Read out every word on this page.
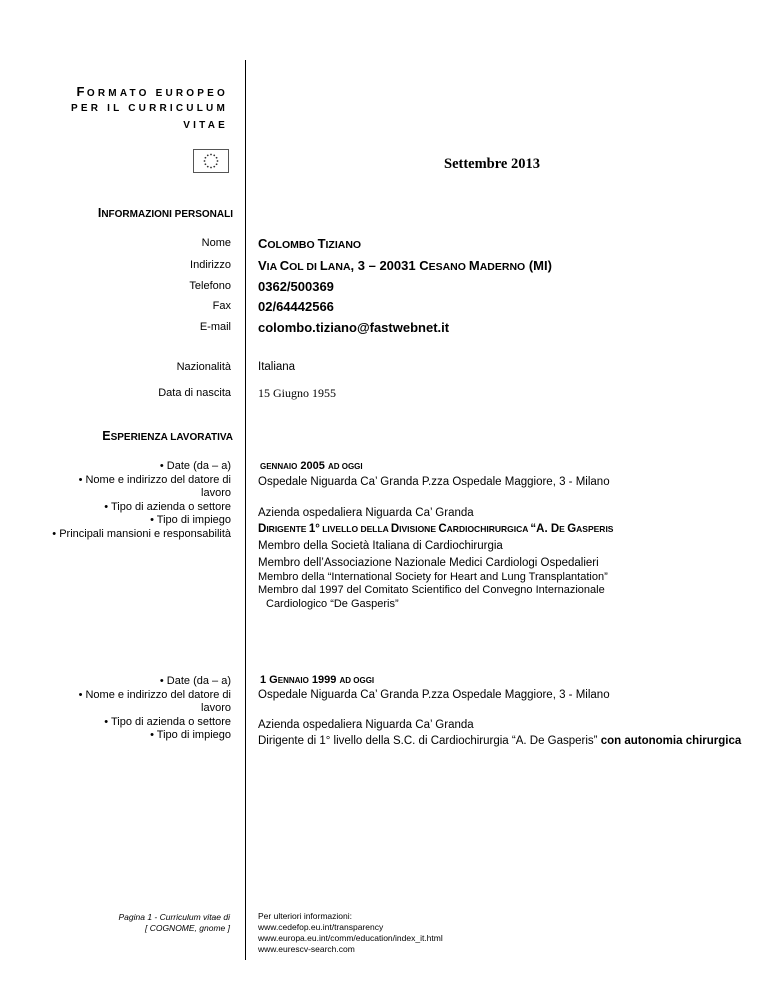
FORMATO EUROPEO
PER IL CURRICULUM
VITAE
Settembre 2013
INFORMAZIONI PERSONALI
Nome COLOMBO TIZIANO
Indirizzo VIA COL DI LANA, 3 – 20031 CESANO MADERNO (MI)
Telefono 0362/500369
Fax 02/64442566
E-mail colombo.tiziano@fastwebnet.it
Nazionalità Italiana
Data di nascita 15 Giugno 1955
ESPERIENZA LAVORATIVA
• Date (da – a)
• Nome e indirizzo del datore di lavoro
• Tipo di azienda o settore
• Tipo di impiego
• Principali mansioni e responsabilità
GENNAIO 2005 AD OGGI
Ospedale Niguarda Ca’ Granda P.zza Ospedale Maggiore, 3 - Milano
Azienda ospedaliera Niguarda Ca’ Granda
DIRIGENTE 1° LIVELLO DELLA DIVISIONE CARDIOCHIRURGICA “A. DE GASPERIS
Membro della Società Italiana di Cardiochirurgia
Membro dell’Associazione Nazionale Medici Cardiologi Ospedalieri
Membro della “International Society for Heart and Lung Transplantation”
Membro dal 1997 del Comitato Scientifico del Convegno Internazionale
Cardiologico “De Gasperis”
• Date (da – a)
• Nome e indirizzo del datore di lavoro
• Tipo di azienda o settore
• Tipo di impiego
1 GENNAIO 1999 AD OGGI
Ospedale Niguarda Ca’ Granda P.zza Ospedale Maggiore, 3 - Milano
Azienda ospedaliera Niguarda Ca’ Granda
Dirigente di 1° livello della S.C. di Cardiochirurgia “A. De Gasperis” con autonomia chirurgica
Pagina 1 - Curriculum vitae di
[ COGNOME, gnome ]
Per ulteriori informazioni:
www.cedefop.eu.int/transparency
www.europa.eu.int/comm/education/index_it.html
www.eurescv-search.com
